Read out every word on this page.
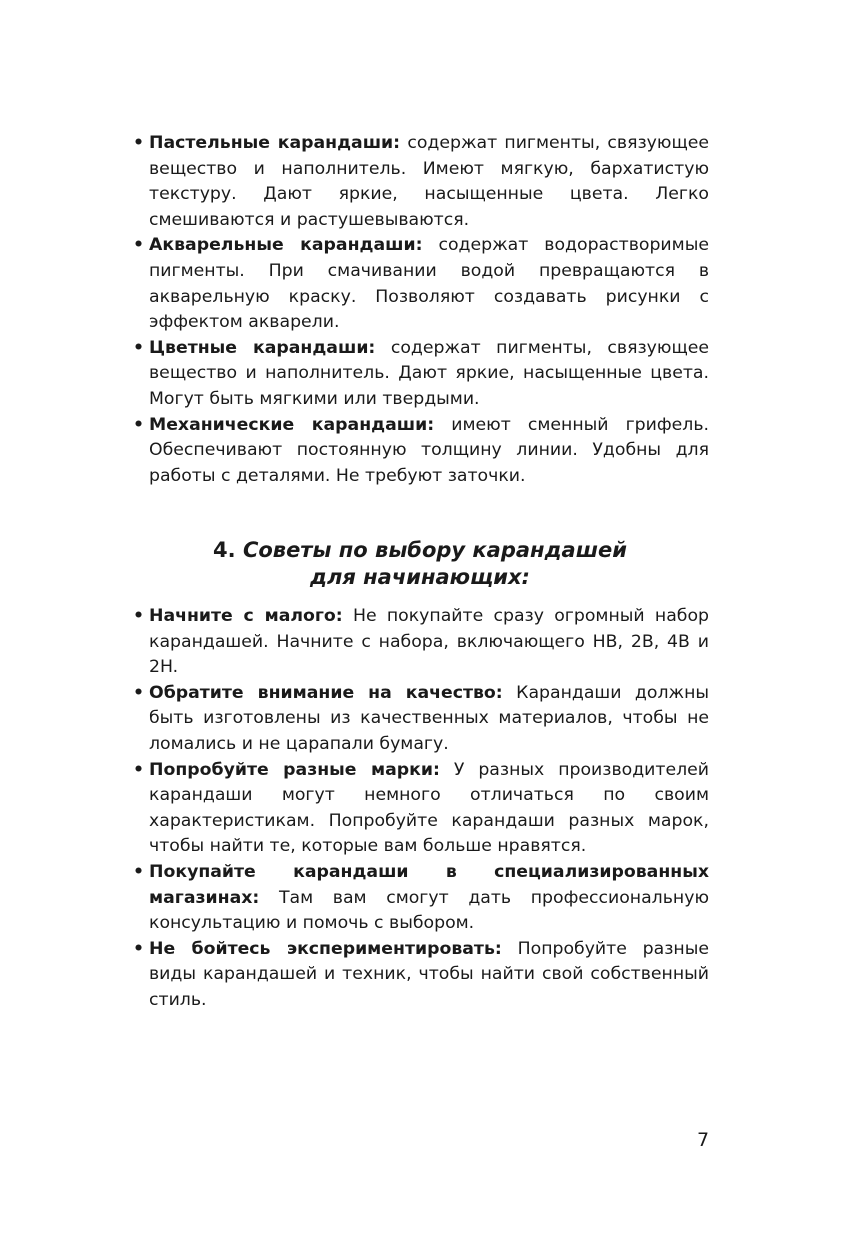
• Пастельные карандаши: содержат пигменты, связующее вещество и наполнитель. Имеют мягкую, бархатистую текстуру. Дают яркие, насыщенные цвета. Легко смешиваются и растушевываются.
• Акварельные карандаши: содержат водорастворимые пигменты. При смачивании водой превращаются в акварельную краску. Позволяют создавать рисунки с эффектом акварели.
• Цветные карандаши: содержат пигменты, связующее вещество и наполнитель. Дают яркие, насыщенные цвета. Могут быть мягкими или твердыми.
• Механические карандаши: имеют сменный грифель. Обеспечивают постоянную толщину линии. Удобны для работы с деталями. Не требуют заточки.
4. Советы по выбору карандашей
для начинающих:
• Начните с малого: Не покупайте сразу огромный набор карандашей. Начните с набора, включающего HB, 2B, 4B и 2H.
• Обратите внимание на качество: Карандаши должны быть изготовлены из качественных материалов, чтобы не ломались и не царапали бумагу.
• Попробуйте разные марки: У разных производителей карандаши могут немного отличаться по своим характеристикам. Попробуйте карандаши разных марок, чтобы найти те, которые вам больше нравятся.
• Покупайте карандаши в специализированных магазинах: Там вам смогут дать профессиональную консультацию и помочь с выбором.
• Не бойтесь экспериментировать: Попробуйте разные виды карандашей и техник, чтобы найти свой собственный стиль.
7
